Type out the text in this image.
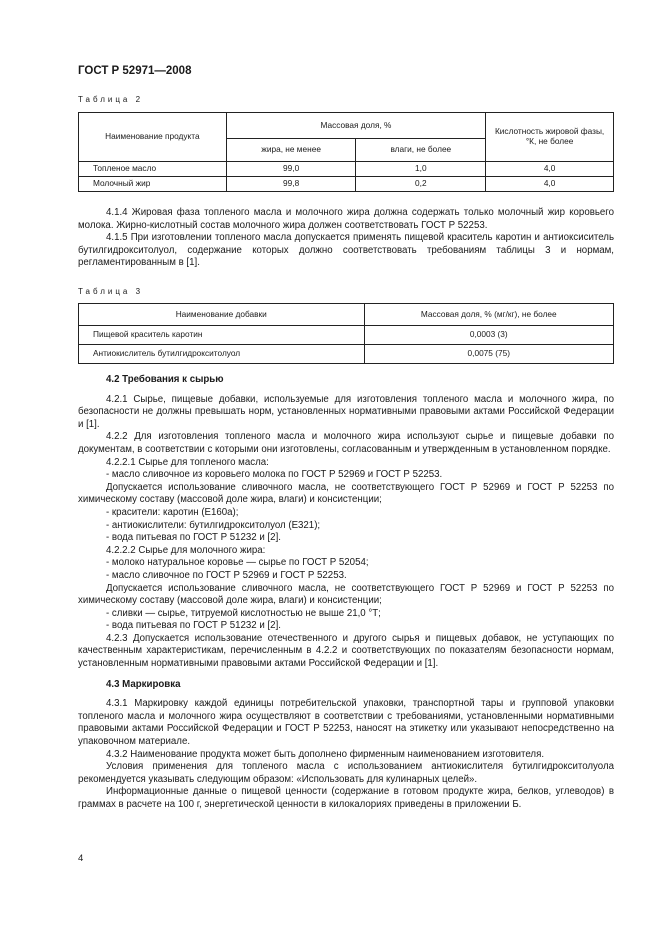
ГОСТ Р 52971—2008
Таблица 2
Наименование продукта	Массовая доля, %		Кислотность жировой фазы, °К, не более
	жира, не менее	влаги, не более	
Топленое масло	99,0	1,0	4,0
Молочный жир	99,8	0,2	4,0

4.1.4 Жировая фаза топленого масла и молочного жира должна содержать только молочный жир коровьего молока. Жирно-кислотный состав молочного жира должен соответствовать ГОСТ Р 52253.

4.1.5 При изготовлении топленого масла допускается применять пищевой краситель каротин и антиоксиситель бутилгидрокситолуол, содержание которых должно соответствовать требованиям таблицы 3 и нормам, регламентированным в [1].

Таблица 3
Наименование добавки	Массовая доля, % (мг/кг), не более
Пищевой краситель каротин	0,0003 (3)
Антиокислитель бутилгидрокситолуол	0,0075 (75)
4.2 Требования к сырью

4.2.1 Сырье, пищевые добавки, используемые для изготовления топленого масла и молочного жира, по безопасности не должны превышать норм, установленных нормативными правовыми актами Российской Федерации и [1].

4.2.2 Для изготовления топленого масла и молочного жира используют сырье и пищевые добавки по документам, в соответствии с которыми они изготовлены, согласованным и утвержденным в установленном порядке.

4.2.2.1 Сырье для топленого масла:

- масло сливочное из коровьего молока по ГОСТ Р 52969 и ГОСТ Р 52253.

Допускается использование сливочного масла, не соответствующего ГОСТ Р 52969 и ГОСТ Р 52253 по химическому составу (массовой доле жира, влаги) и консистенции;

- красители: каротин (Е160а);

- антиокислители: бутилгидрокситолуол (Е321);

- вода питьевая по ГОСТ Р 51232 и [2].

4.2.2.2 Сырье для молочного жира:

- молоко натуральное коровье — сырье по ГОСТ Р 52054;

- масло сливочное по ГОСТ Р 52969 и ГОСТ Р 52253.

Допускается использование сливочного масла, не соответствующего ГОСТ Р 52969 и ГОСТ Р 52253 по химическому составу (массовой доле жира, влаги) и консистенции;

- сливки — сырье, титруемой кислотностью не выше 21,0 °Т;

- вода питьевая по ГОСТ Р 51232 и [2].

4.2.3 Допускается использование отечественного и другого сырья и пищевых добавок, не уступающих по качественным характеристикам, перечисленным в 4.2.2 и соответствующих по показателям безопасности нормам, установленным нормативными правовыми актами Российской Федерации и [1].

4.3 Маркировка

4.3.1 Маркировку каждой единицы потребительской упаковки, транспортной тары и групповой упаковки топленого масла и молочного жира осуществляют в соответствии с требованиями, установленными нормативными правовыми актами Российской Федерации и ГОСТ Р 52253, наносят на этикетку или указывают непосредственно на упаковочном материале.

4.3.2 Наименование продукта может быть дополнено фирменным наименованием изготовителя.

Условия применения для топленого масла с использованием антиокислителя бутилгидрокситолуола рекомендуется указывать следующим образом: «Использовать для кулинарных целей».

Информационные данные о пищевой ценности (содержание в готовом продукте жира, белков, углеводов) в граммах в расчете на 100 г, энергетической ценности в килокалориях приведены в приложении Б.

4
